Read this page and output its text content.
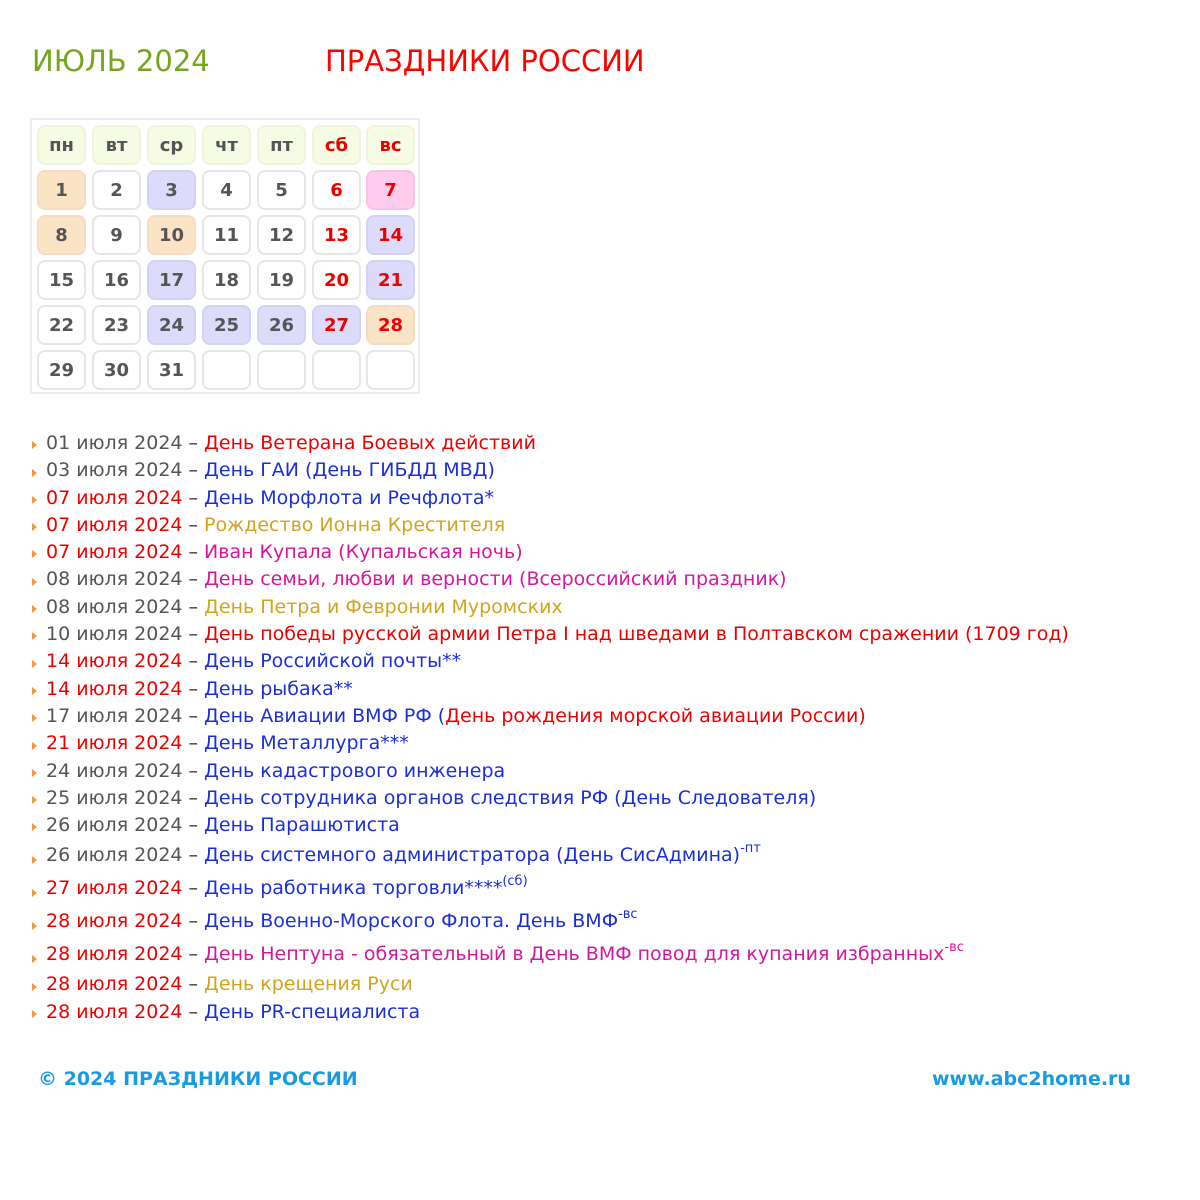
ИЮЛЬ 2024	ПРАЗДНИКИ РОССИИ
пн	вт	ср	чт	пт	сб	вс
1	2	3	4	5	6	7
8	9	10	11	12	13	14
15	16	17	18	19	20	21
22	23	24	25	26	27	28
29	30	31
01 июля 2024 – День Ветерана Боевых действий
03 июля 2024 – День ГАИ (День ГИБДД МВД)
07 июля 2024 – День Морфлота и Речфлота*
07 июля 2024 – Рождество Ионна Крестителя
07 июля 2024 – Иван Купала (Купальская ночь)
08 июля 2024 – День семьи, любви и верности (Всероссийский праздник)
08 июля 2024 – День Петра и Февронии Муромских
10 июля 2024 – День победы русской армии Петра I над шведами в Полтавском сражении (1709 год)
14 июля 2024 – День Российской почты**
14 июля 2024 – День рыбака**
17 июля 2024 – День Авиации ВМФ РФ (День рождения морской авиации России)
21 июля 2024 – День Металлурга***
24 июля 2024 – День кадастрового инженера
25 июля 2024 – День сотрудника органов следствия РФ (День Следователя)
26 июля 2024 – День Парашютиста
26 июля 2024 – День системного администратора (День СисАдмина)$^{-пт}$
27 июля 2024 – День работника торговли****$^{(сб)}$
28 июля 2024 – День Военно-Морского Флота. День $ВМФ^{-вс}$
28 июля 2024 – День Нептуна - обязательный в День ВМФ повод для купания избранных$^{-вс}$
28 июля 2024 – День крещения Руси
28 июля 2024 – День PR-специалиста
© 2024 ПРАЗДНИКИ РОССИИ	www.abc2home.ru
